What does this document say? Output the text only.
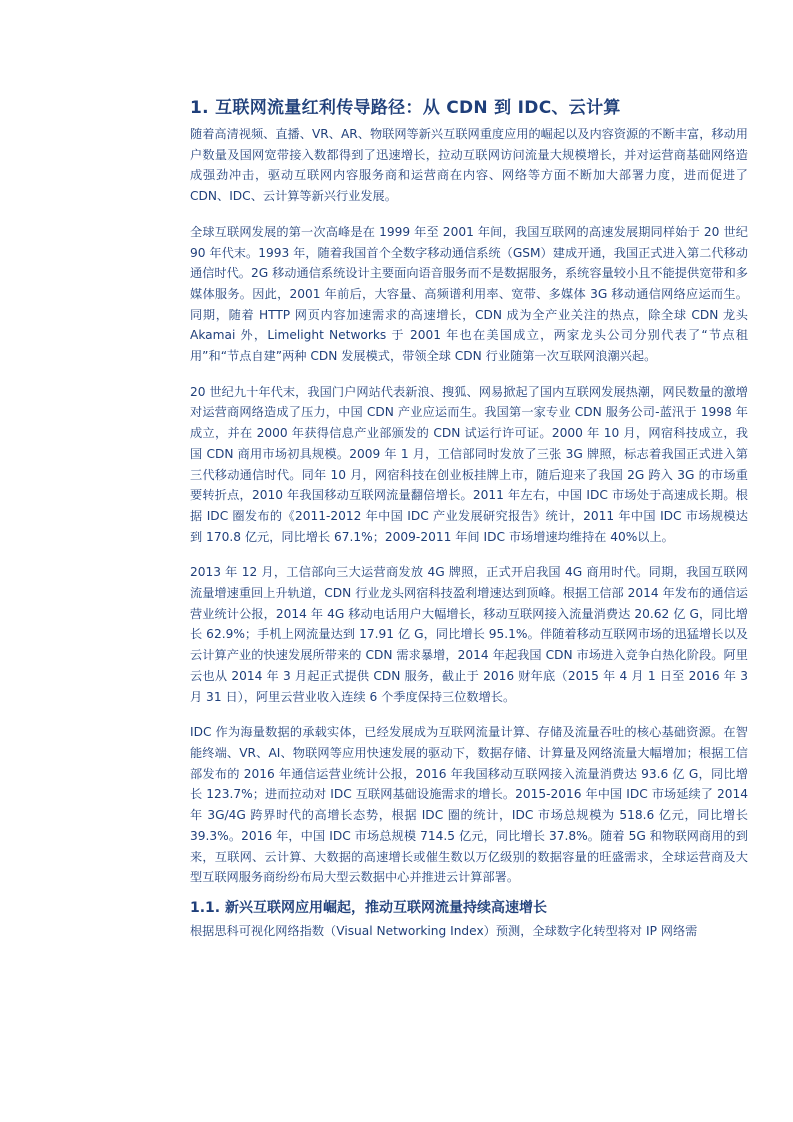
1. 互联网流量红利传导路径：从 CDN 到 IDC、云计算

随着高清视频、直播、VR、AR、物联网等新兴互联网重度应用的崛起以及内容资源的不断丰富，移动用户数量及国网宽带接入数都得到了迅速增长，拉动互联网访问流量大规模增长，并对运营商基础网络造成强劲冲击，驱动互联网内容服务商和运营商在内容、网络等方面不断加大部署力度，进而促进了 CDN、IDC、云计算等新兴行业发展。

全球互联网发展的第一次高峰是在 1999 年至 2001 年间，我国互联网的高速发展期同样始于 20 世纪 90 年代末。1993 年，随着我国首个全数字移动通信系统（GSM）建成开通，我国正式进入第二代移动通信时代。2G 移动通信系统设计主要面向语音服务而不是数据服务，系统容量较小且不能提供宽带和多媒体服务。因此，2001 年前后，大容量、高频谱利用率、宽带、多媒体 3G 移动通信网络应运而生。同期，随着 HTTP 网页内容加速需求的高速增长，CDN 成为全产业关注的热点，除全球 CDN 龙头 Akamai 外，Limelight Networks 于 2001 年也在美国成立，两家龙头公司分别代表了“节点租用”和“节点自建”两种 CDN 发展模式，带领全球 CDN 行业随第一次互联网浪潮兴起。

20 世纪九十年代末，我国门户网站代表新浪、搜狐、网易掀起了国内互联网发展热潮，网民数量的激增对运营商网络造成了压力，中国 CDN 产业应运而生。我国第一家专业 CDN 服务公司-蓝汛于 1998 年成立，并在 2000 年获得信息产业部颁发的 CDN 试运行许可证。2000 年 10 月，网宿科技成立，我国 CDN 商用市场初具规模。2009 年 1 月，工信部同时发放了三张 3G 牌照，标志着我国正式进入第三代移动通信时代。同年 10 月，网宿科技在创业板挂牌上市，随后迎来了我国 2G 跨入 3G 的市场重要转折点，2010 年我国移动互联网流量翻倍增长。2011 年左右，中国 IDC 市场处于高速成长期。根据 IDC 圈发布的《2011-2012 年中国 IDC 产业发展研究报告》统计，2011 年中国 IDC 市场规模达到 170.8 亿元，同比增长 67.1%；2009-2011 年间 IDC 市场增速均维持在 40%以上。

2013 年 12 月，工信部向三大运营商发放 4G 牌照，正式开启我国 4G 商用时代。同期，我国互联网流量增速重回上升轨道，CDN 行业龙头网宿科技盈利增速达到顶峰。根据工信部 2014 年发布的通信运营业统计公报，2014 年 4G 移动电话用户大幅增长，移动互联网接入流量消费达 20.62 亿 G，同比增长 62.9%；手机上网流量达到 17.91 亿 G，同比增长 95.1%。伴随着移动互联网市场的迅猛增长以及云计算产业的快速发展所带来的 CDN 需求暴增，2014 年起我国 CDN 市场进入竞争白热化阶段。阿里云也从 2014 年 3 月起正式提供 CDN 服务，截止于 2016 财年底（2015 年 4 月 1 日至 2016 年 3 月 31 日），阿里云营业收入连续 6 个季度保持三位数增长。

IDC 作为海量数据的承载实体，已经发展成为互联网流量计算、存储及流量吞吐的核心基础资源。在智能终端、VR、AI、物联网等应用快速发展的驱动下，数据存储、计算量及网络流量大幅增加；根据工信部发布的 2016 年通信运营业统计公报，2016 年我国移动互联网接入流量消费达 93.6 亿 G，同比增长 123.7%；进而拉动对 IDC 互联网基础设施需求的增长。2015-2016 年中国 IDC 市场延续了 2014 年 3G/4G 跨界时代的高增长态势，根据 IDC 圈的统计，IDC 市场总规模为 518.6 亿元，同比增长 39.3%。2016 年，中国 IDC 市场总规模 714.5 亿元，同比增长 37.8%。随着 5G 和物联网商用的到来，互联网、云计算、大数据的高速增长或催生数以万亿级别的数据容量的旺盛需求，全球运营商及大型互联网服务商纷纷布局大型云数据中心并推进云计算部署。

1.1. 新兴互联网应用崛起，推动互联网流量持续高速增长

根据思科可视化网络指数（Visual Networking Index）预测，全球数字化转型将对 IP 网络需
